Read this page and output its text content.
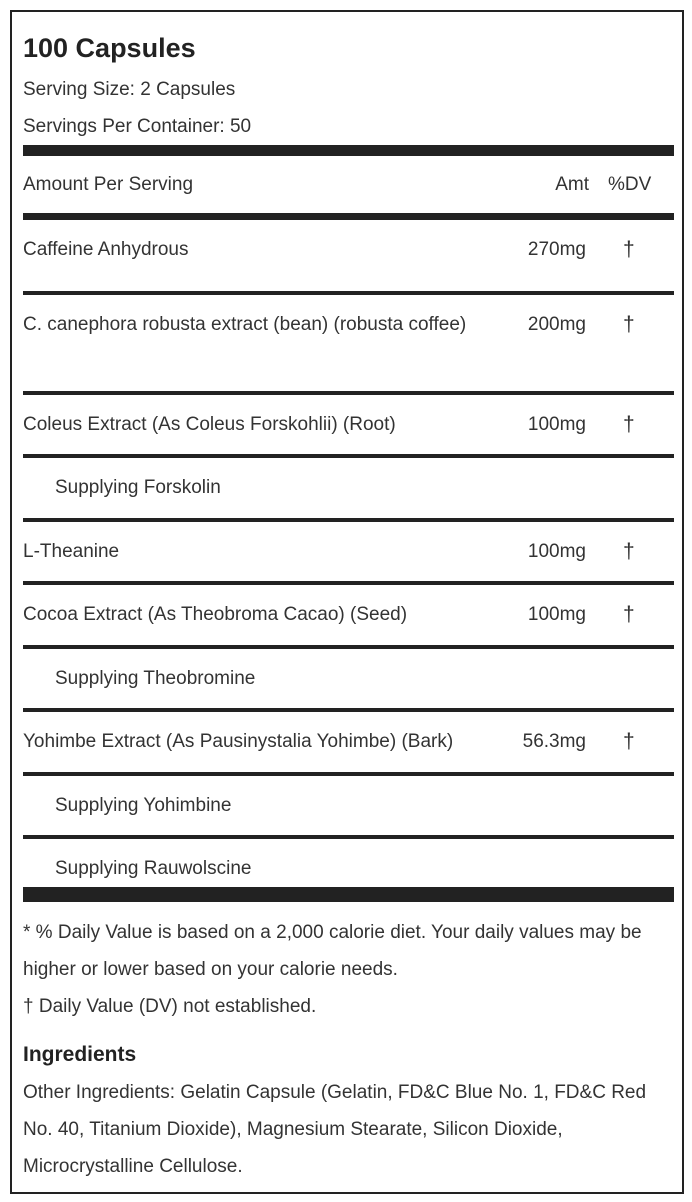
100 Capsules
Serving Size: 2 Capsules
Servings Per Container: 50
Amount Per Serving	Amt %DV
Caffeine Anhydrous	270mg †
C. canephora robusta extract (bean) (robusta coffee)	200mg †
Coleus Extract (As Coleus Forskohlii) (Root)	100mg †
Supplying Forskolin
L-Theanine	100mg †
Cocoa Extract (As Theobroma Cacao) (Seed)	100mg †
Supplying Theobromine
Yohimbe Extract (As Pausinystalia Yohimbe) (Bark)	56.3mg †
Supplying Yohimbine
Supplying Rauwolscine
* % Daily Value is based on a 2,000 calorie diet. Your daily values may be higher or lower based on your calorie needs.
† Daily Value (DV) not established.
Ingredients
Other Ingredients: Gelatin Capsule (Gelatin, FD&C Blue No. 1, FD&C Red No. 40, Titanium Dioxide), Magnesium Stearate, Silicon Dioxide, Microcrystalline Cellulose.
